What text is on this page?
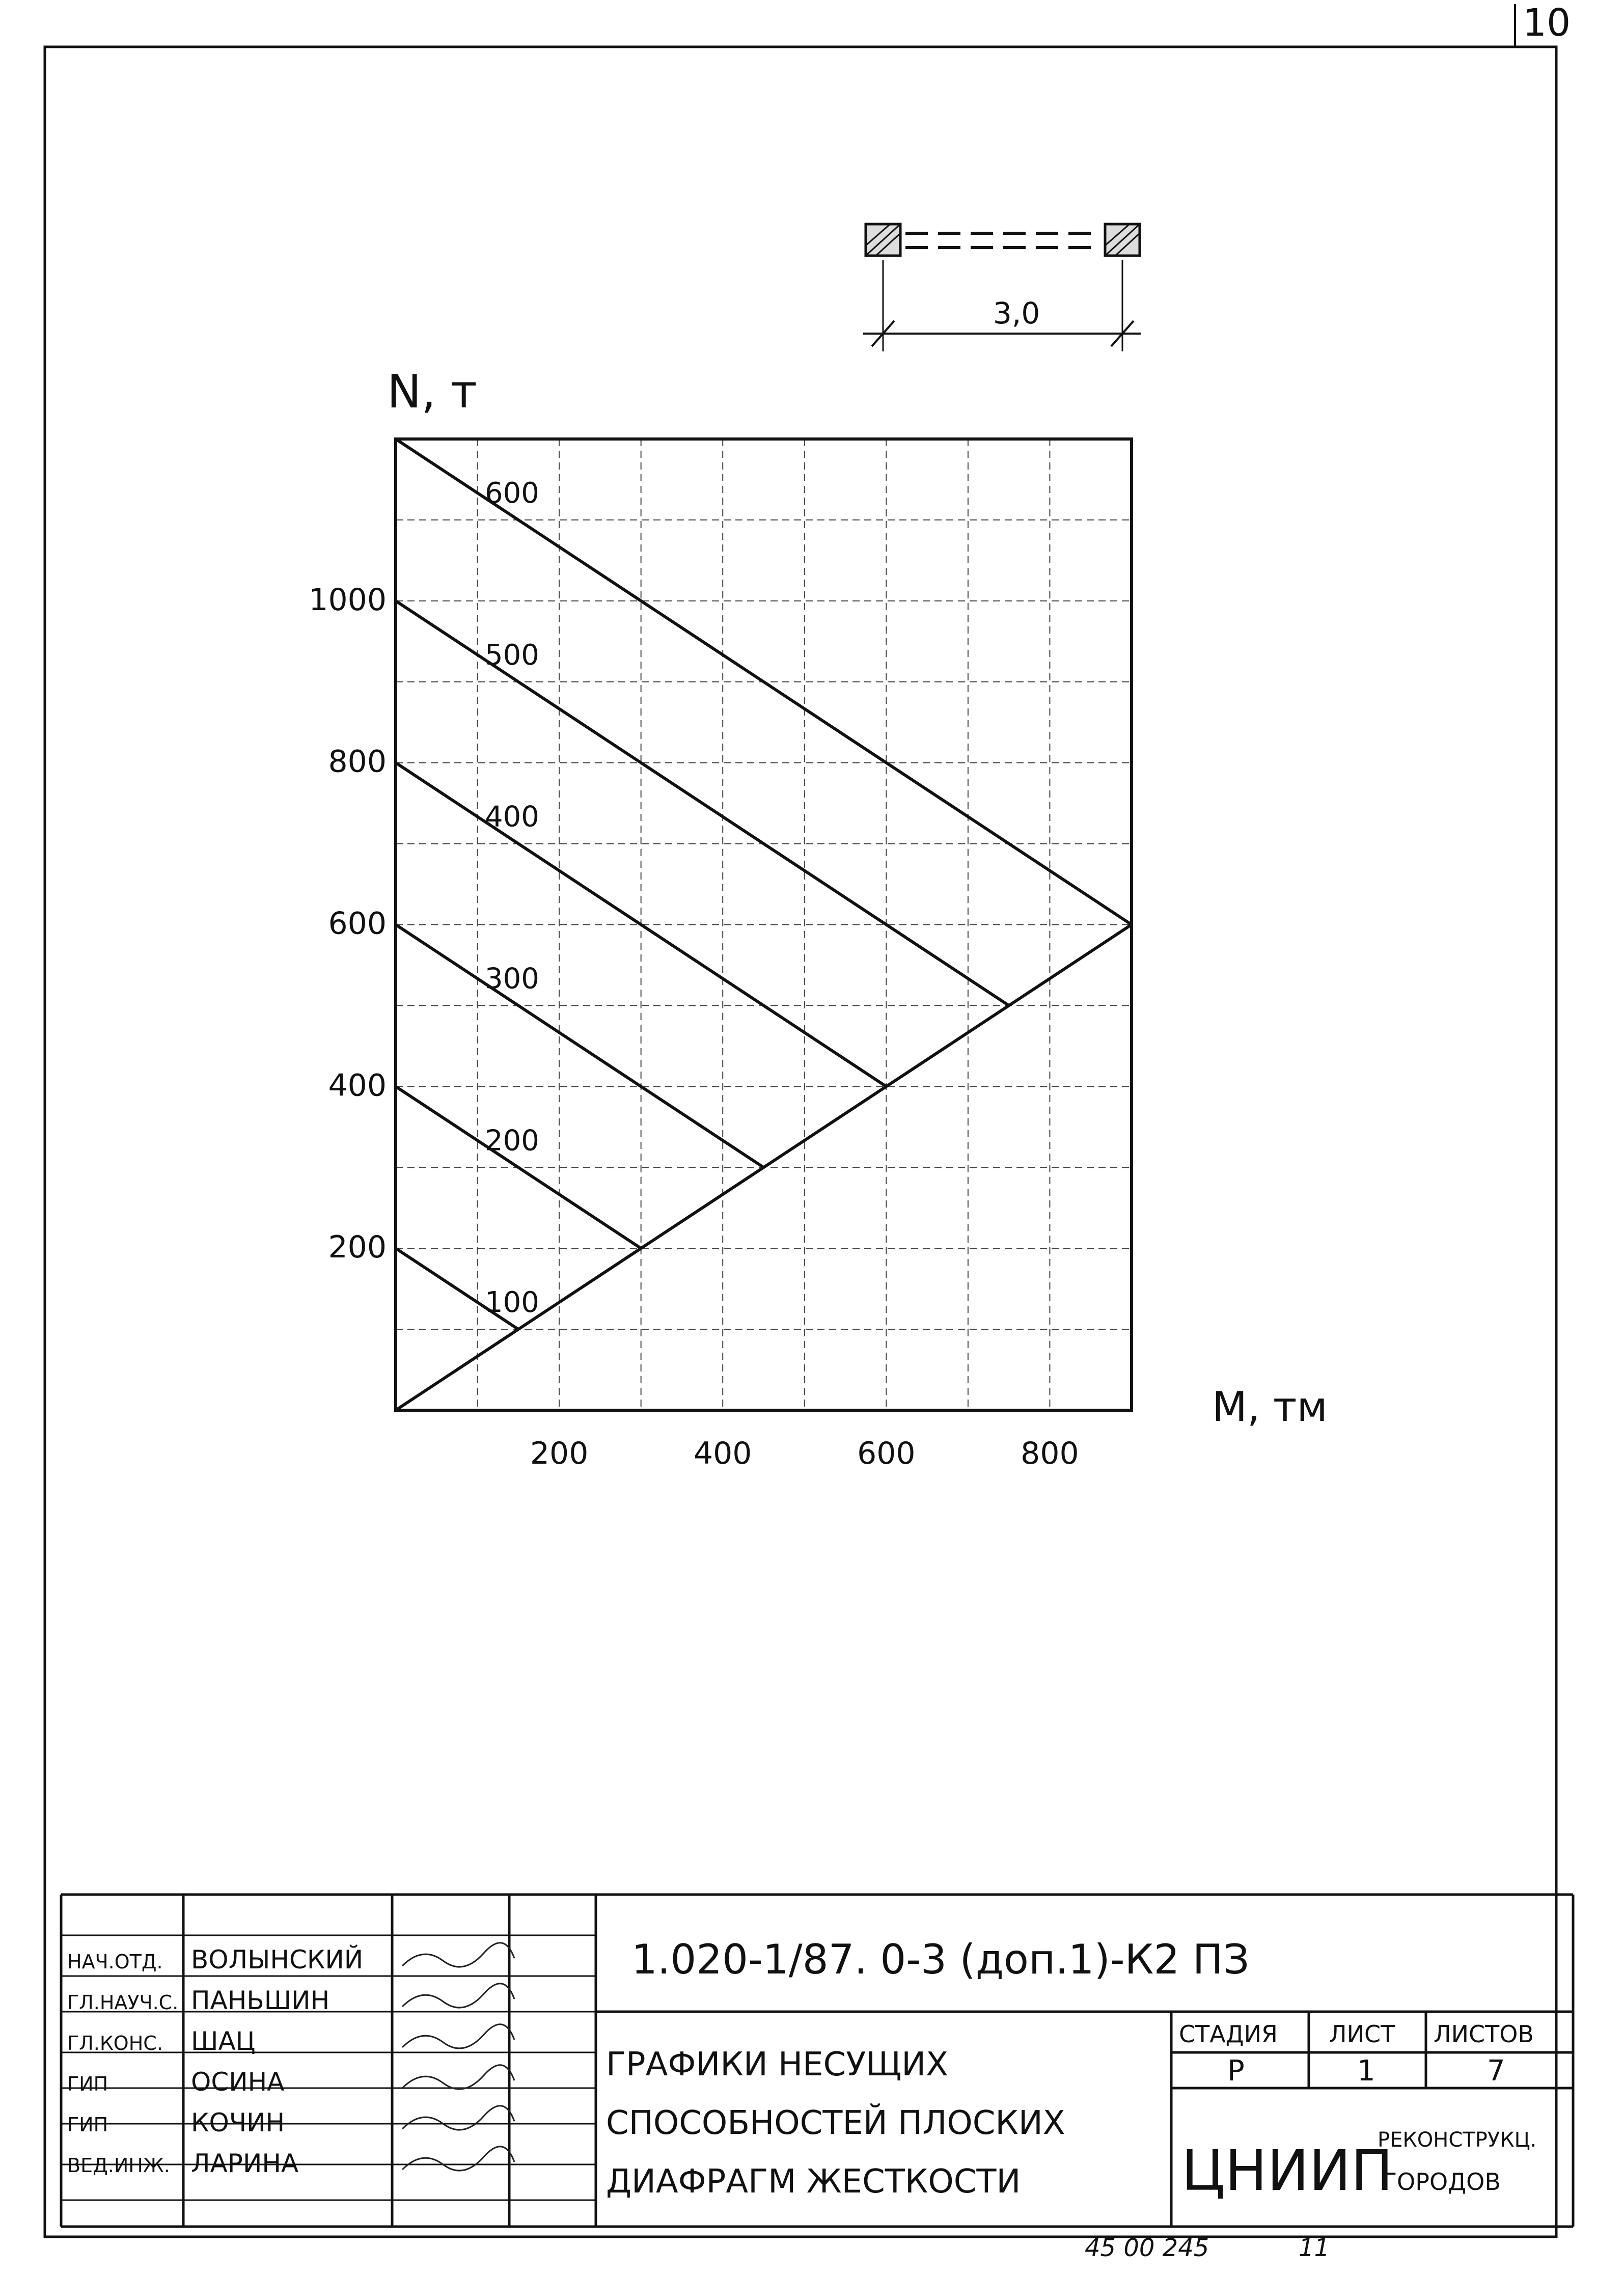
10
3,0
100
200
300
400
500
600
200
400
600
800
1000
200	400	600	800
N, т
M, тм
45 00 245	11
НАЧ.ОТД. ВОЛЫНСКИЙ
ГЛ.НАУЧ.С. ПАНЬШИН
ГЛ.КОНС. ШАЦ
ГИП	ОСИНА
ГИП	КОЧИН
ВЕД.ИНЖ. ЛАРИНА
1.020-1/87. 0-3 (доп.1)-К2 ПЗ
ГРАФИКИ НЕСУЩИХ
СПОСОБНОСТЕЙ ПЛОСКИХ
ДИАФРАГМ ЖЕСТКОСТИ
СТАДИЯ ЛИСТ ЛИСТОВ
Р	1	7
ЦНИИП
РЕКОНСТРУКЦ.
ГОРОДОВ
